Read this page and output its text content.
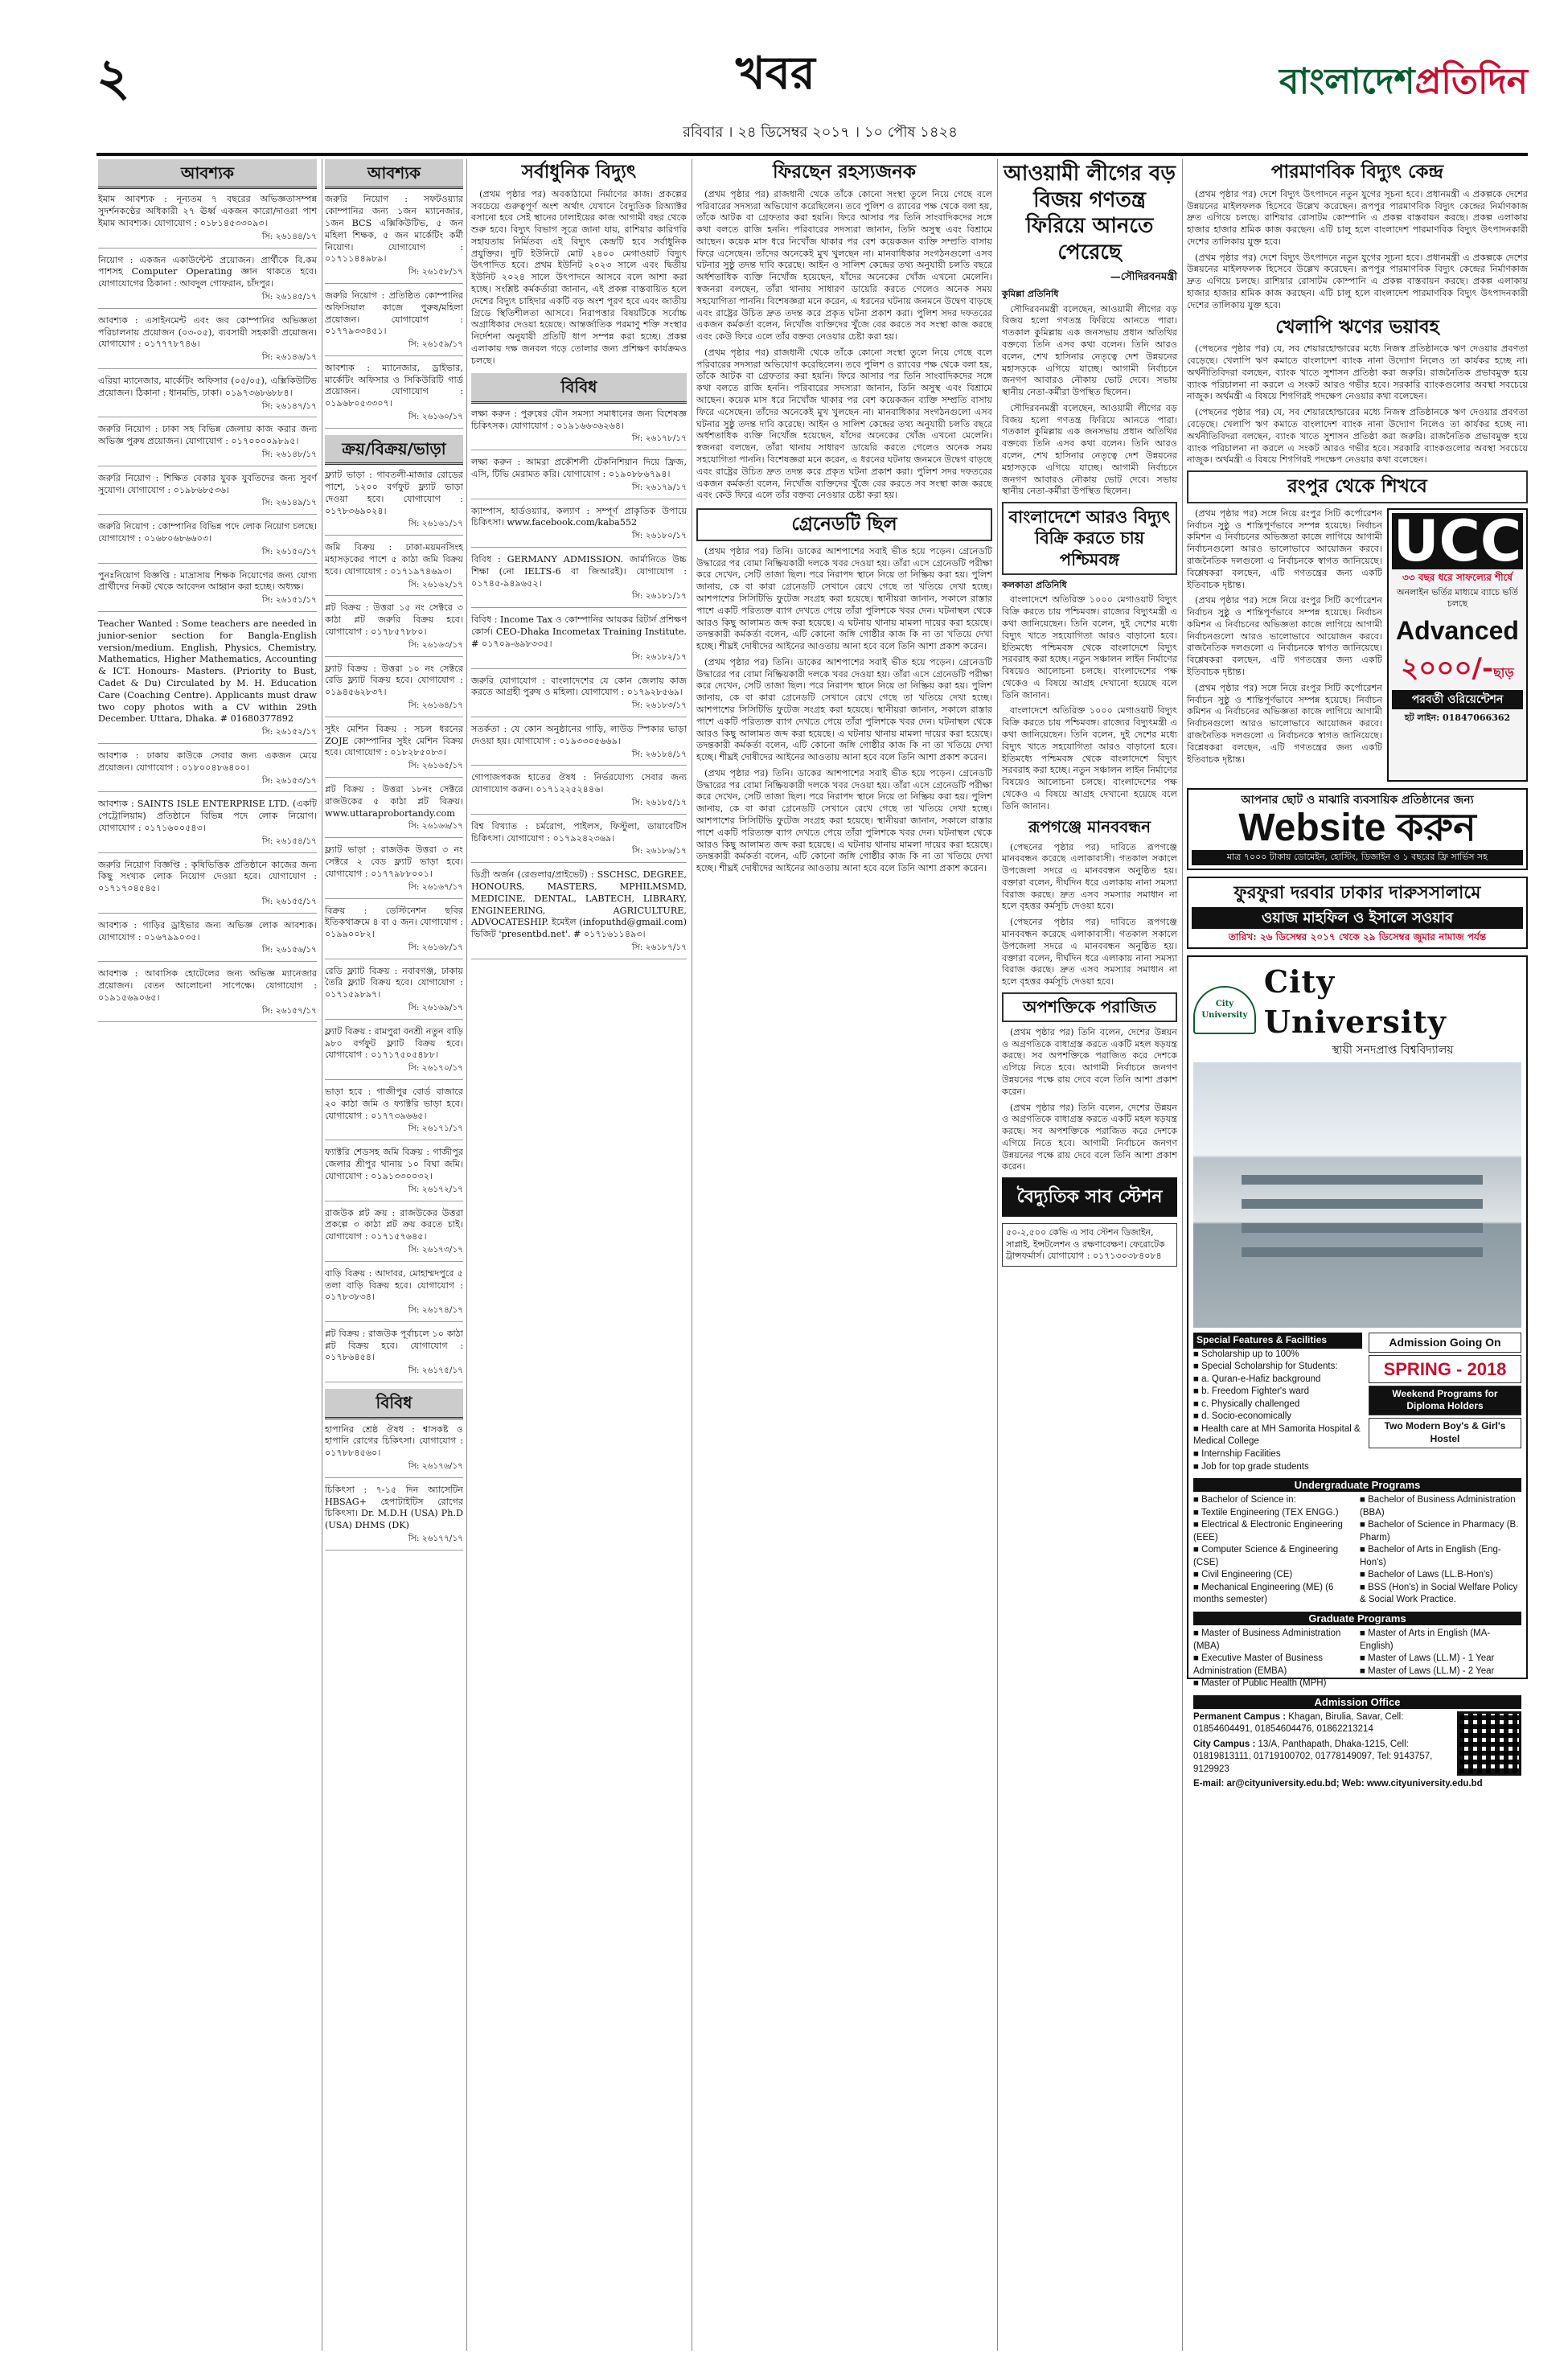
২	খবর
রবিবার । ২৪ ডিসেম্বর ২০১৭ । ১০ পৌষ ১৪২৪
বাংলাদেশপ্রতিদিন
আবশ্যক
ইমাম আবশ্যক : নূন্যতম ৭ বছরের অভিজ্ঞতাসম্পন্ন সুদর্শনকণ্ঠের অধিকারী ২৭ ঊর্ধ্ব একজন কারো/দাওরা পাশ ইমাম আবশ্যক। যোগাযোগ : ০১৮১৪৫৩৩০৯৩।
সি: ২৬১৪৪/১৭
নিয়োগ : একজন একাউন্টেন্ট প্রয়োজন। প্রার্থীকে বি.কম পাশসহ Computer Operating জ্ঞান থাকতে হবে। যোগাযোগের ঠিকানা : আবদুল গোফরান, চাঁদপুর।
সি: ২৬১৪৫/১৭
আবশ্যক : এসাইনমেন্ট এবং জব কোম্পানির অভিজ্ঞতা পরিচালনায় প্রয়োজন (০৩-০৫), ব্যবসায়ী সহকারী প্রয়োজন। যোগাযোগ : ০১৭৭৭৮৭৪৬।
সি: ২৬১৪৬/১৭
এরিয়া ম্যানেজার, মার্কেটিং অফিসার (০৫/০৫), এক্সিকিউটিভ প্রয়োজন। ঠিকানা : ধানমন্ডি, ঢাকা। ০১৯৭৩৬৮৬৮৮৪।
সি: ২৬১৪৭/১৭
জরুরি নিয়োগ : ঢাকা সহ বিভিন্ন জেলায় কাজ করার জন্য অভিজ্ঞ পুরুষ প্রয়োজন। যোগাযোগ : ০১৭০০০০৯৮৯৫।
সি: ২৬১৪৮/১৭
জরুরি নিয়োগ : শিক্ষিত বেকার যুবক যুবতিদের জন্য সুবর্ণ সুযোগ। যোগাযোগ : ০১৯৮৬৮৫৩৬।
সি: ২৬১৪৯/১৭
জরুরি নিয়োগ : কোম্পানির বিভিন্ন পদে লোক নিয়োগ চলছে। যোগাযোগ : ০১৬৮০৬৮৬৬০৩।
সি: ২৬১৫০/১৭
পুনঃনিয়োগ বিজ্ঞপ্তি : মাদ্রাসায় শিক্ষক নিয়োগের জন্য যোগ্য প্রার্থীদের নিকট থেকে আবেদন আহ্বান করা হচ্ছে। অধ্যক্ষ।
সি: ২৬১৫১/১৭
Teacher Wanted : Some teachers are needed in junior-senior section for Bangla-English version/medium. English, Physics, Chemistry, Mathematics, Higher Mathematics, Accounting & ICT. Honours- Masters. (Priority to Bust, Cadet & Du) Circulated by M. H. Education Care (Coaching Centre). Applicants must draw two copy photos with a CV within 29th December. Uttara, Dhaka. # 01680377892
সি: ২৬১৫২/১৭
আবশ্যক : ঢাকায় কাউকে সেবার জন্য একজন মেয়ে প্রয়োজন। যোগাযোগ : ০১৮০০৪৮৬৪০০।
সি: ২৬১৫৩/১৭
আবশ্যক : SAINTS ISLE ENTERPRISE LTD. (একটি পেট্রোলিয়াম) প্রতিষ্ঠানে বিভিন্ন পদে লোক নিয়োগ। যোগাযোগ : ০১৭১৬০০৫৪৩।
সি: ২৬১৫৪/১৭
জরুরি নিয়োগ বিজ্ঞপ্তি : কৃষিভিত্তিক প্রতিষ্ঠানে কাজের জন্য কিছু সংখ্যক লোক নিয়োগ দেওয়া হবে। যোগাযোগ : ০১৭১৭০৪৫৪৫।
সি: ২৬১৫৫/১৭
আবশ্যক : গাড়ির ড্রাইভার জন্য অভিজ্ঞ লোক আবশ্যক। যোগাযোগ : ০১৬৭৯৯০৩৫।
সি: ২৬১৫৬/১৭
আবশ্যক : আবাসিক হোটেলের জন্য অভিজ্ঞ ম্যানেজার প্রয়োজন। বেতন আলোচনা সাপেক্ষে। যোগাযোগ : ০১৯১৫৬৯০৬৫।
সি: ২৬১৫৭/১৭
আবশ্যক
জরুরি নিয়োগ : সফটওয়্যার কোম্পানির জন্য ১জন ম্যানেজার, ১জন BCS এক্সিকিউটিভ, ৫ জন মহিলা শিক্ষক, ৫ জন মার্কেটিং কর্মী নিয়োগ। যোগাযোগ : ০১৭১১৪৪৯৮৯।
সি: ২৬১৫৮/১৭
জরুরি নিয়োগ : প্রতিষ্ঠিত কোম্পানির অফিসিয়াল কাজে পুরুষ/মহিলা প্রয়োজন। যোগাযোগ : ০১৭৭৯৩৩৪৫১।
সি: ২৬১৫৯/১৭
আবশ্যক : ম্যানেজার, ড্রাইভার, মার্কেটিং অফিসার ও সিকিউরিটি গার্ড প্রয়োজন। যোগাযোগ : ০১৯৬৮০৫৩৩০৭।
সি: ২৬১৬০/১৭
ক্রয়/বিক্রয়/ভাড়া
ফ্ল্যাট ভাড়া : গাবতলী-মাজার রোডের পাশে, ১২০০ বর্গফুট ফ্ল্যাট ভাড়া দেওয়া হবে। যোগাযোগ : ০১৭৮৩৬৯০২৪।
সি: ২৬১৬১/১৭
জমি বিক্রয় : ঢাকা-ময়মনসিংহ মহাসড়কের পাশে ৫ কাঠা জমি বিক্রয় হবে। যোগাযোগ : ০১৭১৯৭৪৬৯৩।
সি: ২৬১৬২/১৭
প্লট বিক্রয় : উত্তরা ১৫ নং সেক্টরে ৩ কাঠা প্লট জরুরি বিক্রয় হবে। যোগাযোগ : ০১৭৮৫৭৮৮০।
সি: ২৬১৬৩/১৭
ফ্ল্যাট বিক্রয় : উত্তরা ১০ নং সেক্টরে রেডি ফ্ল্যাট বিক্রয় হবে। যোগাযোগ : ০১৯৪৫৬২৮৩৭।
সি: ২৬১৬৪/১৭
সুইং মেশিন বিক্রয় : সচল ধরনের ZOJE কোম্পানির সুইং মেশিন বিক্রয় হবে। যোগাযোগ : ০১৮২৮৫০৮৩।
সি: ২৬১৬৫/১৭
প্লট বিক্রয় : উত্তরা ১৮নং সেক্টরে রাজউকের ৫ কাঠা প্লট বিক্রয়। www.uttaraprobortandy.com
সি: ২৬১৬৬/১৭
ফ্ল্যাট ভাড়া : রাজউক উত্তরা ৩ নং সেক্টরে ২ বেড ফ্ল্যাট ভাড়া হবে। যোগাযোগ : ০১৭৭৯৮৮০০১।
সি: ২৬১৬৭/১৭
বিক্রয় : ডেস্টিনেশন ছবির ইতিকথাক্রমে ৪ বা ৫ জন। যোগাযোগ : ০১৯৯০০৮২।
সি: ২৬১৬৮/১৭
রেডি ফ্ল্যাট বিক্রয় : নবাবগঞ্জ, ঢাকায় তৈরি ফ্ল্যাট বিক্রয় হবে। যোগাযোগ : ০১৭১৫৯৮৯৭।
সি: ২৬১৬৯/১৭
ফ্ল্যাট বিক্রয় : রামপুরা বনশ্রী নতুন বাড়ি ৯৮০ বর্গফুট ফ্ল্যাট বিক্রয় হবে। যোগাযোগ : ০১৭১৭৫০৫৪৮৮।
সি: ২৬১৭০/১৭
ভাড়া হবে : গাজীপুর বোর্ড বাজারে ২০ কাঠা জমি ও ফ্যাক্টরি ভাড়া হবে। যোগাযোগ : ০১৭৭৩৯৬৬৫।
সি: ২৬১৭১/১৭
ফ্যাক্টরি শেডসহ জমি বিক্রয় : গাজীপুর জেলার শ্রীপুর থানায় ১০ বিঘা জমি। যোগাযোগ : ০১৯১৩৩০০৩২।
সি: ২৬১৭২/১৭
রাজউক প্লট ক্রয় : রাজউকের উত্তরা প্রকল্পে ৩ কাঠা প্লট ক্রয় করতে চাই। যোগাযোগ : ০১৭১৫৭৬৪৫।
সি: ২৬১৭৩/১৭
বাড়ি বিক্রয় : আদাবর, মোহাম্মদপুরে ৫ তলা বাড়ি বিক্রয় হবে। যোগাযোগ : ০১৭৮৩৮৩৪।
সি: ২৬১৭৪/১৭
প্লট বিক্রয় : রাজউক পূর্বাচলে ১০ কাঠা প্লট বিক্রয় হবে। যোগাযোগ : ০১৭৮৬৪৫৪।
সি: ২৬১৭৫/১৭
বিবিধ
হাপানির শ্রেষ্ঠ ঔষধ : শ্বাসকষ্ট ও হাপানি রোগের চিকিৎসা। যোগাযোগ : ০১৭৮৮৪৫৬০।
সি: ২৬১৭৬/১৭
চিকিৎসা : ৭-১৫ দিন অ্যাসেটিন HBSAG+ হেপাটাইটিস রোগের চিকিৎসা। Dr. M.D.H (USA) Ph.D (USA) DHMS (DK)
সি: ২৬১৭৭/১৭
সর্বাধুনিক বিদ্যুৎ

(প্রথম পৃষ্ঠার পর) অবকাঠামো নির্মাণের কাজ। প্রকল্পের সবচেয়ে গুরুত্বপূর্ণ অংশ অর্থাৎ যেখানে বৈদ্যুতিক রিঅ্যাক্টর বসানো হবে সেই স্থানের ঢালাইয়ের কাজ আগামী বছর থেকে শুরু হবে। বিদ্যুৎ বিভাগ সূত্রে জানা যায়, রাশিয়ার কারিগরি সহায়তায় নির্মিতব্য এই বিদ্যুৎ কেন্দ্রটি হবে সর্বাধুনিক প্রযুক্তির। দুটি ইউনিটে মোট ২৪০০ মেগাওয়াট বিদ্যুৎ উৎপাদিত হবে। প্রথম ইউনিট ২০২৩ সালে এবং দ্বিতীয় ইউনিট ২০২৪ সালে উৎপাদনে আসবে বলে আশা করা হচ্ছে। সংশ্লিষ্ট কর্মকর্তারা জানান, এই প্রকল্প বাস্তবায়িত হলে দেশের বিদ্যুৎ চাহিদার একটি বড় অংশ পূরণ হবে এবং জাতীয় গ্রিডে স্থিতিশীলতা আসবে। নিরাপত্তার বিষয়টিকে সর্বোচ্চ অগ্রাধিকার দেওয়া হয়েছে। আন্তর্জাতিক পরমাণু শক্তি সংস্থার নির্দেশনা অনুযায়ী প্রতিটি ধাপ সম্পন্ন করা হচ্ছে। প্রকল্প এলাকায় দক্ষ জনবল গড়ে তোলার জন্য প্রশিক্ষণ কার্যক্রমও চলছে।

বিবিধ
লক্ষ্য করুন : পুরুষের যৌন সমস্যা সমাধানের জন্য বিশেষজ্ঞ চিকিৎসক। যোগাযোগ : ০১৯১৬৬৩৬২৬৪।
সি: ২৬১৭৮/১৭
লক্ষ্য করুন : আমরা প্রকৌশলী টেকনিশিয়ান দিয়ে ফ্রিজ, এসি, টিভি মেরামত করি। যোগাযোগ : ০১৯০৮৮৬৭৯৪।
সি: ২৬১৭৯/১৭
ক্যাম্পাস, হার্ডওয়্যার, কল্যাণ : সম্পূর্ণ প্রাকৃতিক উপায়ে চিকিৎসা। www.facebook.com/kaba552
সি: ২৬১৮০/১৭
বিবিধ : GERMANY ADMISSION. জার্মানিতে উচ্চ শিক্ষা (নো IELTS-6 বা জিআরই)। যোগাযোগ : ০১৭৪৫-৯৪৯৬৫২।
সি: ২৬১৮১/১৭
বিবিধ : Income Tax ও কোম্পানির আয়কর রিটার্ন প্রশিক্ষণ কোর্স। CEO-Dhaka Incometax Training Institute. # ০১৭০৯-৬৯৮৩৩৫।
সি: ২৬১৮২/১৭
জরুরি যোগাযোগ : বাংলাদেশের যে কোন জেলায় কাজ করতে আগ্রহী পুরুষ ও মহিলা। যোগাযোগ : ০১৭৯২৮৫৬৯।
সি: ২৬১৮৩/১৭
সতর্কতা : যে কোন অনুষ্ঠানের গাড়ি, লাউড স্পিকার ভাড়া দেওয়া হয়। যোগাযোগ : ০১৯৩৩০৫৬৬৯।
সি: ২৬১৮৪/১৭
গোপাজপকজ হাতের ঔষধ : নির্ভরযোগ্য সেবার জন্য যোগাযোগ করুন। ০১৭১২২৫২৪৪৬।
সি: ২৬১৮৫/১৭
বিশ্ব বিখ্যাত : চর্মরোগ, পাইলস, ফিস্টুলা, ডায়াবেটিস চিকিৎসা। যোগাযোগ : ০১৭৯২৪২৩৬৯।
সি: ২৬১৮৬/১৭
ডিগ্রী অর্জন (রেগুলার/প্রাইভেট) : SSCHSC, DEGREE, HONOURS, MASTERS, MPHILMSMD, MEDICINE, DENTAL, LABTECH, LIBRARY, ENGINEERING, AGRICULTURE, ADVOCATESHIP. ইমেইল (infoputhd@gmail.com) ভিজিট 'presentbd.net'. # ০১৭১৬১১৪৯৩।
সি: ২৬১৮৭/১৭
ফিরছেন রহস্যজনক

(প্রথম পৃষ্ঠার পর) রাজধানী থেকে তাঁকে কোনো সংস্থা তুলে নিয়ে গেছে বলে পরিবারের সদস্যরা অভিযোগ করেছিলেন। তবে পুলিশ ও র‍্যাবের পক্ষ থেকে বলা হয়, তাঁকে আটক বা গ্রেফতার করা হয়নি। ফিরে আসার পর তিনি সাংবাদিকদের সঙ্গে কথা বলতে রাজি হননি। পরিবারের সদস্যরা জানান, তিনি অসুস্থ এবং বিশ্রামে আছেন। কয়েক মাস ধরে নিখোঁজ থাকার পর বেশ কয়েকজন ব্যক্তি সম্প্রতি বাসায় ফিরে এসেছেন। তাঁদের অনেকেই মুখ খুলছেন না। মানবাধিকার সংগঠনগুলো এসব ঘটনার সুষ্ঠু তদন্ত দাবি করেছে। আইন ও সালিশ কেন্দ্রের তথ্য অনুযায়ী চলতি বছরে অর্ধশতাধিক ব্যক্তি নিখোঁজ হয়েছেন, যাঁদের অনেকের খোঁজ এখনো মেলেনি। স্বজনরা বলছেন, তাঁরা থানায় সাধারণ ডায়েরি করতে গেলেও অনেক সময় সহযোগিতা পাননি। বিশেষজ্ঞরা মনে করেন, এ ধরনের ঘটনায় জনমনে উদ্বেগ বাড়ছে এবং রাষ্ট্রের উচিত দ্রুত তদন্ত করে প্রকৃত ঘটনা প্রকাশ করা। পুলিশ সদর দফতরের একজন কর্মকর্তা বলেন, নিখোঁজ ব্যক্তিদের খুঁজে বের করতে সব সংস্থা কাজ করছে এবং কেউ ফিরে এলে তাঁর বক্তব্য নেওয়ার চেষ্টা করা হয়।

(প্রথম পৃষ্ঠার পর) রাজধানী থেকে তাঁকে কোনো সংস্থা তুলে নিয়ে গেছে বলে পরিবারের সদস্যরা অভিযোগ করেছিলেন। তবে পুলিশ ও র‍্যাবের পক্ষ থেকে বলা হয়, তাঁকে আটক বা গ্রেফতার করা হয়নি। ফিরে আসার পর তিনি সাংবাদিকদের সঙ্গে কথা বলতে রাজি হননি। পরিবারের সদস্যরা জানান, তিনি অসুস্থ এবং বিশ্রামে আছেন। কয়েক মাস ধরে নিখোঁজ থাকার পর বেশ কয়েকজন ব্যক্তি সম্প্রতি বাসায় ফিরে এসেছেন। তাঁদের অনেকেই মুখ খুলছেন না। মানবাধিকার সংগঠনগুলো এসব ঘটনার সুষ্ঠু তদন্ত দাবি করেছে। আইন ও সালিশ কেন্দ্রের তথ্য অনুযায়ী চলতি বছরে অর্ধশতাধিক ব্যক্তি নিখোঁজ হয়েছেন, যাঁদের অনেকের খোঁজ এখনো মেলেনি। স্বজনরা বলছেন, তাঁরা থানায় সাধারণ ডায়েরি করতে গেলেও অনেক সময় সহযোগিতা পাননি। বিশেষজ্ঞরা মনে করেন, এ ধরনের ঘটনায় জনমনে উদ্বেগ বাড়ছে এবং রাষ্ট্রের উচিত দ্রুত তদন্ত করে প্রকৃত ঘটনা প্রকাশ করা। পুলিশ সদর দফতরের একজন কর্মকর্তা বলেন, নিখোঁজ ব্যক্তিদের খুঁজে বের করতে সব সংস্থা কাজ করছে এবং কেউ ফিরে এলে তাঁর বক্তব্য নেওয়ার চেষ্টা করা হয়।

গ্রেনেডটি ছিল

(প্রথম পৃষ্ঠার পর) তিনি। ডাকের আশপাশের সবাই ভীত হয়ে পড়েন। গ্রেনেডটি উদ্ধারের পর বোমা নিষ্ক্রিয়কারী দলকে খবর দেওয়া হয়। তাঁরা এসে গ্রেনেডটি পরীক্ষা করে দেখেন, সেটি তাজা ছিল। পরে নিরাপদ স্থানে নিয়ে তা নিষ্ক্রিয় করা হয়। পুলিশ জানায়, কে বা কারা গ্রেনেডটি সেখানে রেখে গেছে তা খতিয়ে দেখা হচ্ছে। আশপাশের সিসিটিভি ফুটেজ সংগ্রহ করা হয়েছে। স্থানীয়রা জানান, সকালে রাস্তার পাশে একটি পরিত্যক্ত ব্যাগ দেখতে পেয়ে তাঁরা পুলিশকে খবর দেন। ঘটনাস্থল থেকে আরও কিছু আলামত জব্দ করা হয়েছে। এ ঘটনায় থানায় মামলা দায়ের করা হয়েছে। তদন্তকারী কর্মকর্তা বলেন, এটি কোনো জঙ্গি গোষ্ঠীর কাজ কি না তা খতিয়ে দেখা হচ্ছে। শীঘ্রই দোষীদের আইনের আওতায় আনা হবে বলে তিনি আশা প্রকাশ করেন।

(প্রথম পৃষ্ঠার পর) তিনি। ডাকের আশপাশের সবাই ভীত হয়ে পড়েন। গ্রেনেডটি উদ্ধারের পর বোমা নিষ্ক্রিয়কারী দলকে খবর দেওয়া হয়। তাঁরা এসে গ্রেনেডটি পরীক্ষা করে দেখেন, সেটি তাজা ছিল। পরে নিরাপদ স্থানে নিয়ে তা নিষ্ক্রিয় করা হয়। পুলিশ জানায়, কে বা কারা গ্রেনেডটি সেখানে রেখে গেছে তা খতিয়ে দেখা হচ্ছে। আশপাশের সিসিটিভি ফুটেজ সংগ্রহ করা হয়েছে। স্থানীয়রা জানান, সকালে রাস্তার পাশে একটি পরিত্যক্ত ব্যাগ দেখতে পেয়ে তাঁরা পুলিশকে খবর দেন। ঘটনাস্থল থেকে আরও কিছু আলামত জব্দ করা হয়েছে। এ ঘটনায় থানায় মামলা দায়ের করা হয়েছে। তদন্তকারী কর্মকর্তা বলেন, এটি কোনো জঙ্গি গোষ্ঠীর কাজ কি না তা খতিয়ে দেখা হচ্ছে। শীঘ্রই দোষীদের আইনের আওতায় আনা হবে বলে তিনি আশা প্রকাশ করেন।

(প্রথম পৃষ্ঠার পর) তিনি। ডাকের আশপাশের সবাই ভীত হয়ে পড়েন। গ্রেনেডটি উদ্ধারের পর বোমা নিষ্ক্রিয়কারী দলকে খবর দেওয়া হয়। তাঁরা এসে গ্রেনেডটি পরীক্ষা করে দেখেন, সেটি তাজা ছিল। পরে নিরাপদ স্থানে নিয়ে তা নিষ্ক্রিয় করা হয়। পুলিশ জানায়, কে বা কারা গ্রেনেডটি সেখানে রেখে গেছে তা খতিয়ে দেখা হচ্ছে। আশপাশের সিসিটিভি ফুটেজ সংগ্রহ করা হয়েছে। স্থানীয়রা জানান, সকালে রাস্তার পাশে একটি পরিত্যক্ত ব্যাগ দেখতে পেয়ে তাঁরা পুলিশকে খবর দেন। ঘটনাস্থল থেকে আরও কিছু আলামত জব্দ করা হয়েছে। এ ঘটনায় থানায় মামলা দায়ের করা হয়েছে। তদন্তকারী কর্মকর্তা বলেন, এটি কোনো জঙ্গি গোষ্ঠীর কাজ কি না তা খতিয়ে দেখা হচ্ছে। শীঘ্রই দোষীদের আইনের আওতায় আনা হবে বলে তিনি আশা প্রকাশ করেন।

আওয়ামী লীগের বড় বিজয় গণতন্ত্র ফিরিয়ে আনতে পেরেছে
—সৌদিরবনমন্ত্রী
কুমিল্লা প্রতিনিধি

সৌদিরবনমন্ত্রী বলেছেন, আওয়ামী লীগের বড় বিজয় হলো গণতন্ত্র ফিরিয়ে আনতে পারা। গতকাল কুমিল্লায় এক জনসভায় প্রধান অতিথির বক্তব্যে তিনি এসব কথা বলেন। তিনি আরও বলেন, শেখ হাসিনার নেতৃত্বে দেশ উন্নয়নের মহাসড়কে এগিয়ে যাচ্ছে। আগামী নির্বাচনে জনগণ আবারও নৌকায় ভোট দেবে। সভায় স্থানীয় নেতা-কর্মীরা উপস্থিত ছিলেন।

সৌদিরবনমন্ত্রী বলেছেন, আওয়ামী লীগের বড় বিজয় হলো গণতন্ত্র ফিরিয়ে আনতে পারা। গতকাল কুমিল্লায় এক জনসভায় প্রধান অতিথির বক্তব্যে তিনি এসব কথা বলেন। তিনি আরও বলেন, শেখ হাসিনার নেতৃত্বে দেশ উন্নয়নের মহাসড়কে এগিয়ে যাচ্ছে। আগামী নির্বাচনে জনগণ আবারও নৌকায় ভোট দেবে। সভায় স্থানীয় নেতা-কর্মীরা উপস্থিত ছিলেন।

বাংলাদেশে আরও বিদ্যুৎ বিক্রি করতে চায় পশ্চিমবঙ্গ
কলকাতা প্রতিনিধি

বাংলাদেশে অতিরিক্ত ১০০০ মেগাওয়াট বিদ্যুৎ বিক্রি করতে চায় পশ্চিমবঙ্গ। রাজ্যের বিদ্যুৎমন্ত্রী এ কথা জানিয়েছেন। তিনি বলেন, দুই দেশের মধ্যে বিদ্যুৎ খাতে সহযোগিতা আরও বাড়ানো হবে। ইতিমধ্যে পশ্চিমবঙ্গ থেকে বাংলাদেশে বিদ্যুৎ সরবরাহ করা হচ্ছে। নতুন সঞ্চালন লাইন নির্মাণের বিষয়েও আলোচনা চলছে। বাংলাদেশের পক্ষ থেকেও এ বিষয়ে আগ্রহ দেখানো হয়েছে বলে তিনি জানান।

বাংলাদেশে অতিরিক্ত ১০০০ মেগাওয়াট বিদ্যুৎ বিক্রি করতে চায় পশ্চিমবঙ্গ। রাজ্যের বিদ্যুৎমন্ত্রী এ কথা জানিয়েছেন। তিনি বলেন, দুই দেশের মধ্যে বিদ্যুৎ খাতে সহযোগিতা আরও বাড়ানো হবে। ইতিমধ্যে পশ্চিমবঙ্গ থেকে বাংলাদেশে বিদ্যুৎ সরবরাহ করা হচ্ছে। নতুন সঞ্চালন লাইন নির্মাণের বিষয়েও আলোচনা চলছে। বাংলাদেশের পক্ষ থেকেও এ বিষয়ে আগ্রহ দেখানো হয়েছে বলে তিনি জানান।

রূপগঞ্জে মানববন্ধন

(পেছনের পৃষ্ঠার পর) দাবিতে রূপগঞ্জে মানববন্ধন করেছে এলাকাবাসী। গতকাল সকালে উপজেলা সদরে এ মানববন্ধন অনুষ্ঠিত হয়। বক্তারা বলেন, দীর্ঘদিন ধরে এলাকায় নানা সমস্যা বিরাজ করছে। দ্রুত এসব সমস্যার সমাধান না হলে বৃহত্তর কর্মসূচি দেওয়া হবে।

(পেছনের পৃষ্ঠার পর) দাবিতে রূপগঞ্জে মানববন্ধন করেছে এলাকাবাসী। গতকাল সকালে উপজেলা সদরে এ মানববন্ধন অনুষ্ঠিত হয়। বক্তারা বলেন, দীর্ঘদিন ধরে এলাকায় নানা সমস্যা বিরাজ করছে। দ্রুত এসব সমস্যার সমাধান না হলে বৃহত্তর কর্মসূচি দেওয়া হবে।

অপশক্তিকে পরাজিত

(প্রথম পৃষ্ঠার পর) তিনি বলেন, দেশের উন্নয়ন ও অগ্রগতিকে বাধাগ্রস্ত করতে একটি মহল ষড়যন্ত্র করছে। সব অপশক্তিকে পরাজিত করে দেশকে এগিয়ে নিতে হবে। আগামী নির্বাচনে জনগণ উন্নয়নের পক্ষে রায় দেবে বলে তিনি আশা প্রকাশ করেন।

(প্রথম পৃষ্ঠার পর) তিনি বলেন, দেশের উন্নয়ন ও অগ্রগতিকে বাধাগ্রস্ত করতে একটি মহল ষড়যন্ত্র করছে। সব অপশক্তিকে পরাজিত করে দেশকে এগিয়ে নিতে হবে। আগামী নির্বাচনে জনগণ উন্নয়নের পক্ষে রায় দেবে বলে তিনি আশা প্রকাশ করেন।

বৈদ্যুতিক সাব স্টেশন
৫০-২,৫০০ কেভি এ সাব স্টেশন ডিজাইন, সাপ্লাই, ইন্সটলেশন ও রক্ষণাবেক্ষণ। ফেরোটেক ট্রান্সফর্মার্স। যোগাযোগ : ০১৭১৩০৩৮৪০৮৪
পারমাণবিক বিদ্যুৎ কেন্দ্র

(প্রথম পৃষ্ঠার পর) দেশে বিদ্যুৎ উৎপাদনে নতুন যুগের সূচনা হবে। প্রধানমন্ত্রী এ প্রকল্পকে দেশের উন্নয়নের মাইলফলক হিসেবে উল্লেখ করেছেন। রূপপুর পারমাণবিক বিদ্যুৎ কেন্দ্রের নির্মাণকাজ দ্রুত এগিয়ে চলছে। রাশিয়ার রোসাটম কোম্পানি এ প্রকল্প বাস্তবায়ন করছে। প্রকল্প এলাকায় হাজার হাজার শ্রমিক কাজ করছেন। এটি চালু হলে বাংলাদেশ পারমাণবিক বিদ্যুৎ উৎপাদনকারী দেশের তালিকায় যুক্ত হবে।

(প্রথম পৃষ্ঠার পর) দেশে বিদ্যুৎ উৎপাদনে নতুন যুগের সূচনা হবে। প্রধানমন্ত্রী এ প্রকল্পকে দেশের উন্নয়নের মাইলফলক হিসেবে উল্লেখ করেছেন। রূপপুর পারমাণবিক বিদ্যুৎ কেন্দ্রের নির্মাণকাজ দ্রুত এগিয়ে চলছে। রাশিয়ার রোসাটম কোম্পানি এ প্রকল্প বাস্তবায়ন করছে। প্রকল্প এলাকায় হাজার হাজার শ্রমিক কাজ করছেন। এটি চালু হলে বাংলাদেশ পারমাণবিক বিদ্যুৎ উৎপাদনকারী দেশের তালিকায় যুক্ত হবে।

খেলাপি ঋণের ভয়াবহ

(পেছনের পৃষ্ঠার পর) যে, সব শেয়ারহোল্ডারের মধ্যে নিজস্ব প্রতিষ্ঠানকে ঋণ দেওয়ার প্রবণতা বেড়েছে। খেলাপি ঋণ কমাতে বাংলাদেশ ব্যাংক নানা উদ্যোগ নিলেও তা কার্যকর হচ্ছে না। অর্থনীতিবিদরা বলছেন, ব্যাংক খাতে সুশাসন প্রতিষ্ঠা করা জরুরি। রাজনৈতিক প্রভাবমুক্ত হয়ে ব্যাংক পরিচালনা না করলে এ সংকট আরও গভীর হবে। সরকারি ব্যাংকগুলোর অবস্থা সবচেয়ে নাজুক। অর্থমন্ত্রী এ বিষয়ে শিগগিরই পদক্ষেপ নেওয়ার কথা বলেছেন।

(পেছনের পৃষ্ঠার পর) যে, সব শেয়ারহোল্ডারের মধ্যে নিজস্ব প্রতিষ্ঠানকে ঋণ দেওয়ার প্রবণতা বেড়েছে। খেলাপি ঋণ কমাতে বাংলাদেশ ব্যাংক নানা উদ্যোগ নিলেও তা কার্যকর হচ্ছে না। অর্থনীতিবিদরা বলছেন, ব্যাংক খাতে সুশাসন প্রতিষ্ঠা করা জরুরি। রাজনৈতিক প্রভাবমুক্ত হয়ে ব্যাংক পরিচালনা না করলে এ সংকট আরও গভীর হবে। সরকারি ব্যাংকগুলোর অবস্থা সবচেয়ে নাজুক। অর্থমন্ত্রী এ বিষয়ে শিগগিরই পদক্ষেপ নেওয়ার কথা বলেছেন।

রংপুর থেকে শিখবে

(প্রথম পৃষ্ঠার পর) সঙ্গে নিয়ে রংপুর সিটি কর্পোরেশন নির্বাচন সুষ্ঠু ও শান্তিপূর্ণভাবে সম্পন্ন হয়েছে। নির্বাচন কমিশন এ নির্বাচনের অভিজ্ঞতা কাজে লাগিয়ে আগামী নির্বাচনগুলো আরও ভালোভাবে আয়োজন করবে। রাজনৈতিক দলগুলো এ নির্বাচনকে স্বাগত জানিয়েছে। বিশ্লেষকরা বলছেন, এটি গণতন্ত্রের জন্য একটি ইতিবাচক দৃষ্টান্ত।

(প্রথম পৃষ্ঠার পর) সঙ্গে নিয়ে রংপুর সিটি কর্পোরেশন নির্বাচন সুষ্ঠু ও শান্তিপূর্ণভাবে সম্পন্ন হয়েছে। নির্বাচন কমিশন এ নির্বাচনের অভিজ্ঞতা কাজে লাগিয়ে আগামী নির্বাচনগুলো আরও ভালোভাবে আয়োজন করবে। রাজনৈতিক দলগুলো এ নির্বাচনকে স্বাগত জানিয়েছে। বিশ্লেষকরা বলছেন, এটি গণতন্ত্রের জন্য একটি ইতিবাচক দৃষ্টান্ত।

(প্রথম পৃষ্ঠার পর) সঙ্গে নিয়ে রংপুর সিটি কর্পোরেশন নির্বাচন সুষ্ঠু ও শান্তিপূর্ণভাবে সম্পন্ন হয়েছে। নির্বাচন কমিশন এ নির্বাচনের অভিজ্ঞতা কাজে লাগিয়ে আগামী নির্বাচনগুলো আরও ভালোভাবে আয়োজন করবে। রাজনৈতিক দলগুলো এ নির্বাচনকে স্বাগত জানিয়েছে। বিশ্লেষকরা বলছেন, এটি গণতন্ত্রের জন্য একটি ইতিবাচক দৃষ্টান্ত।

UCC
৩৩ বছর ধরে সাফল্যের শীর্ষে
অনলাইন ভর্তির মাধ্যমে ব্যাচে ভর্তি চলছে
Advanced
২০০০/-ছাড়
পরবর্তী ওরিয়েন্টেশন
হট লাইন: 01847066362
আপনার ছোট ও মাঝারি ব্যবসায়িক প্রতিষ্ঠানের জন্য
Website করুন
মাত্র ৭০০০ টাকায় ডোমেইন, হোস্টিং, ডিজাইন ও ১ বছরের ফ্রি সার্ভিস সহ
ফুরফুরা দরবার ঢাকার দারুসসালামে
ওয়াজ মাহফিল ও ইসালে সওয়াব
তারিখ: ২৬ ডিসেম্বর ২০১৭ থেকে ২৯ ডিসেম্বর জুমার নামাজ পর্যন্ত
City University
City University
স্থায়ী সনদপ্রাপ্ত বিশ্ববিদ্যালয়
Special Features & Facilities
■ Scholarship up to 100%
■ Special Scholarship for Students:
■ a. Quran-e-Hafiz background
■ b. Freedom Fighter's ward
■ c. Physically challenged
■ d. Socio-economically
■ Health care at MH Samorita Hospital & Medical College
■ Internship Facilities
■ Job for top grade students
Admission Going On
SPRING - 2018
Weekend Programs for Diploma Holders
Two Modern Boy's & Girl's Hostel
Undergraduate Programs
■ Bachelor of Science in:
■ Textile Engineering (TEX ENGG.)
■ Electrical & Electronic Engineering (EEE)
■ Computer Science & Engineering (CSE)
■ Civil Engineering (CE)
■ Mechanical Engineering (ME) (6 months semester)
■ Bachelor of Business Administration (BBA)
■ Bachelor of Science in Pharmacy (B. Pharm)
■ Bachelor of Arts in English (Eng-Hon's)
■ Bachelor of Laws (LL.B-Hon's)
■ BSS (Hon's) in Social Welfare Policy & Social Work Practice.
Graduate Programs
■ Master of Business Administration (MBA)
■ Executive Master of Business Administration (EMBA)
■ Master of Public Health (MPH)
■ Master of Arts in English (MA-English)
■ Master of Laws (LL.M) - 1 Year
■ Master of Laws (LL.M) - 2 Year
Admission Office
Permanent Campus : Khagan, Birulia, Savar, Cell: 01854604491, 01854604476, 01862213214
City Campus : 13/A, Panthapath, Dhaka-1215, Cell: 01819813111, 01719100702, 01778149097, Tel: 9143757, 9129923
E-mail: ar@cityuniversity.edu.bd; Web: www.cityuniversity.edu.bd
